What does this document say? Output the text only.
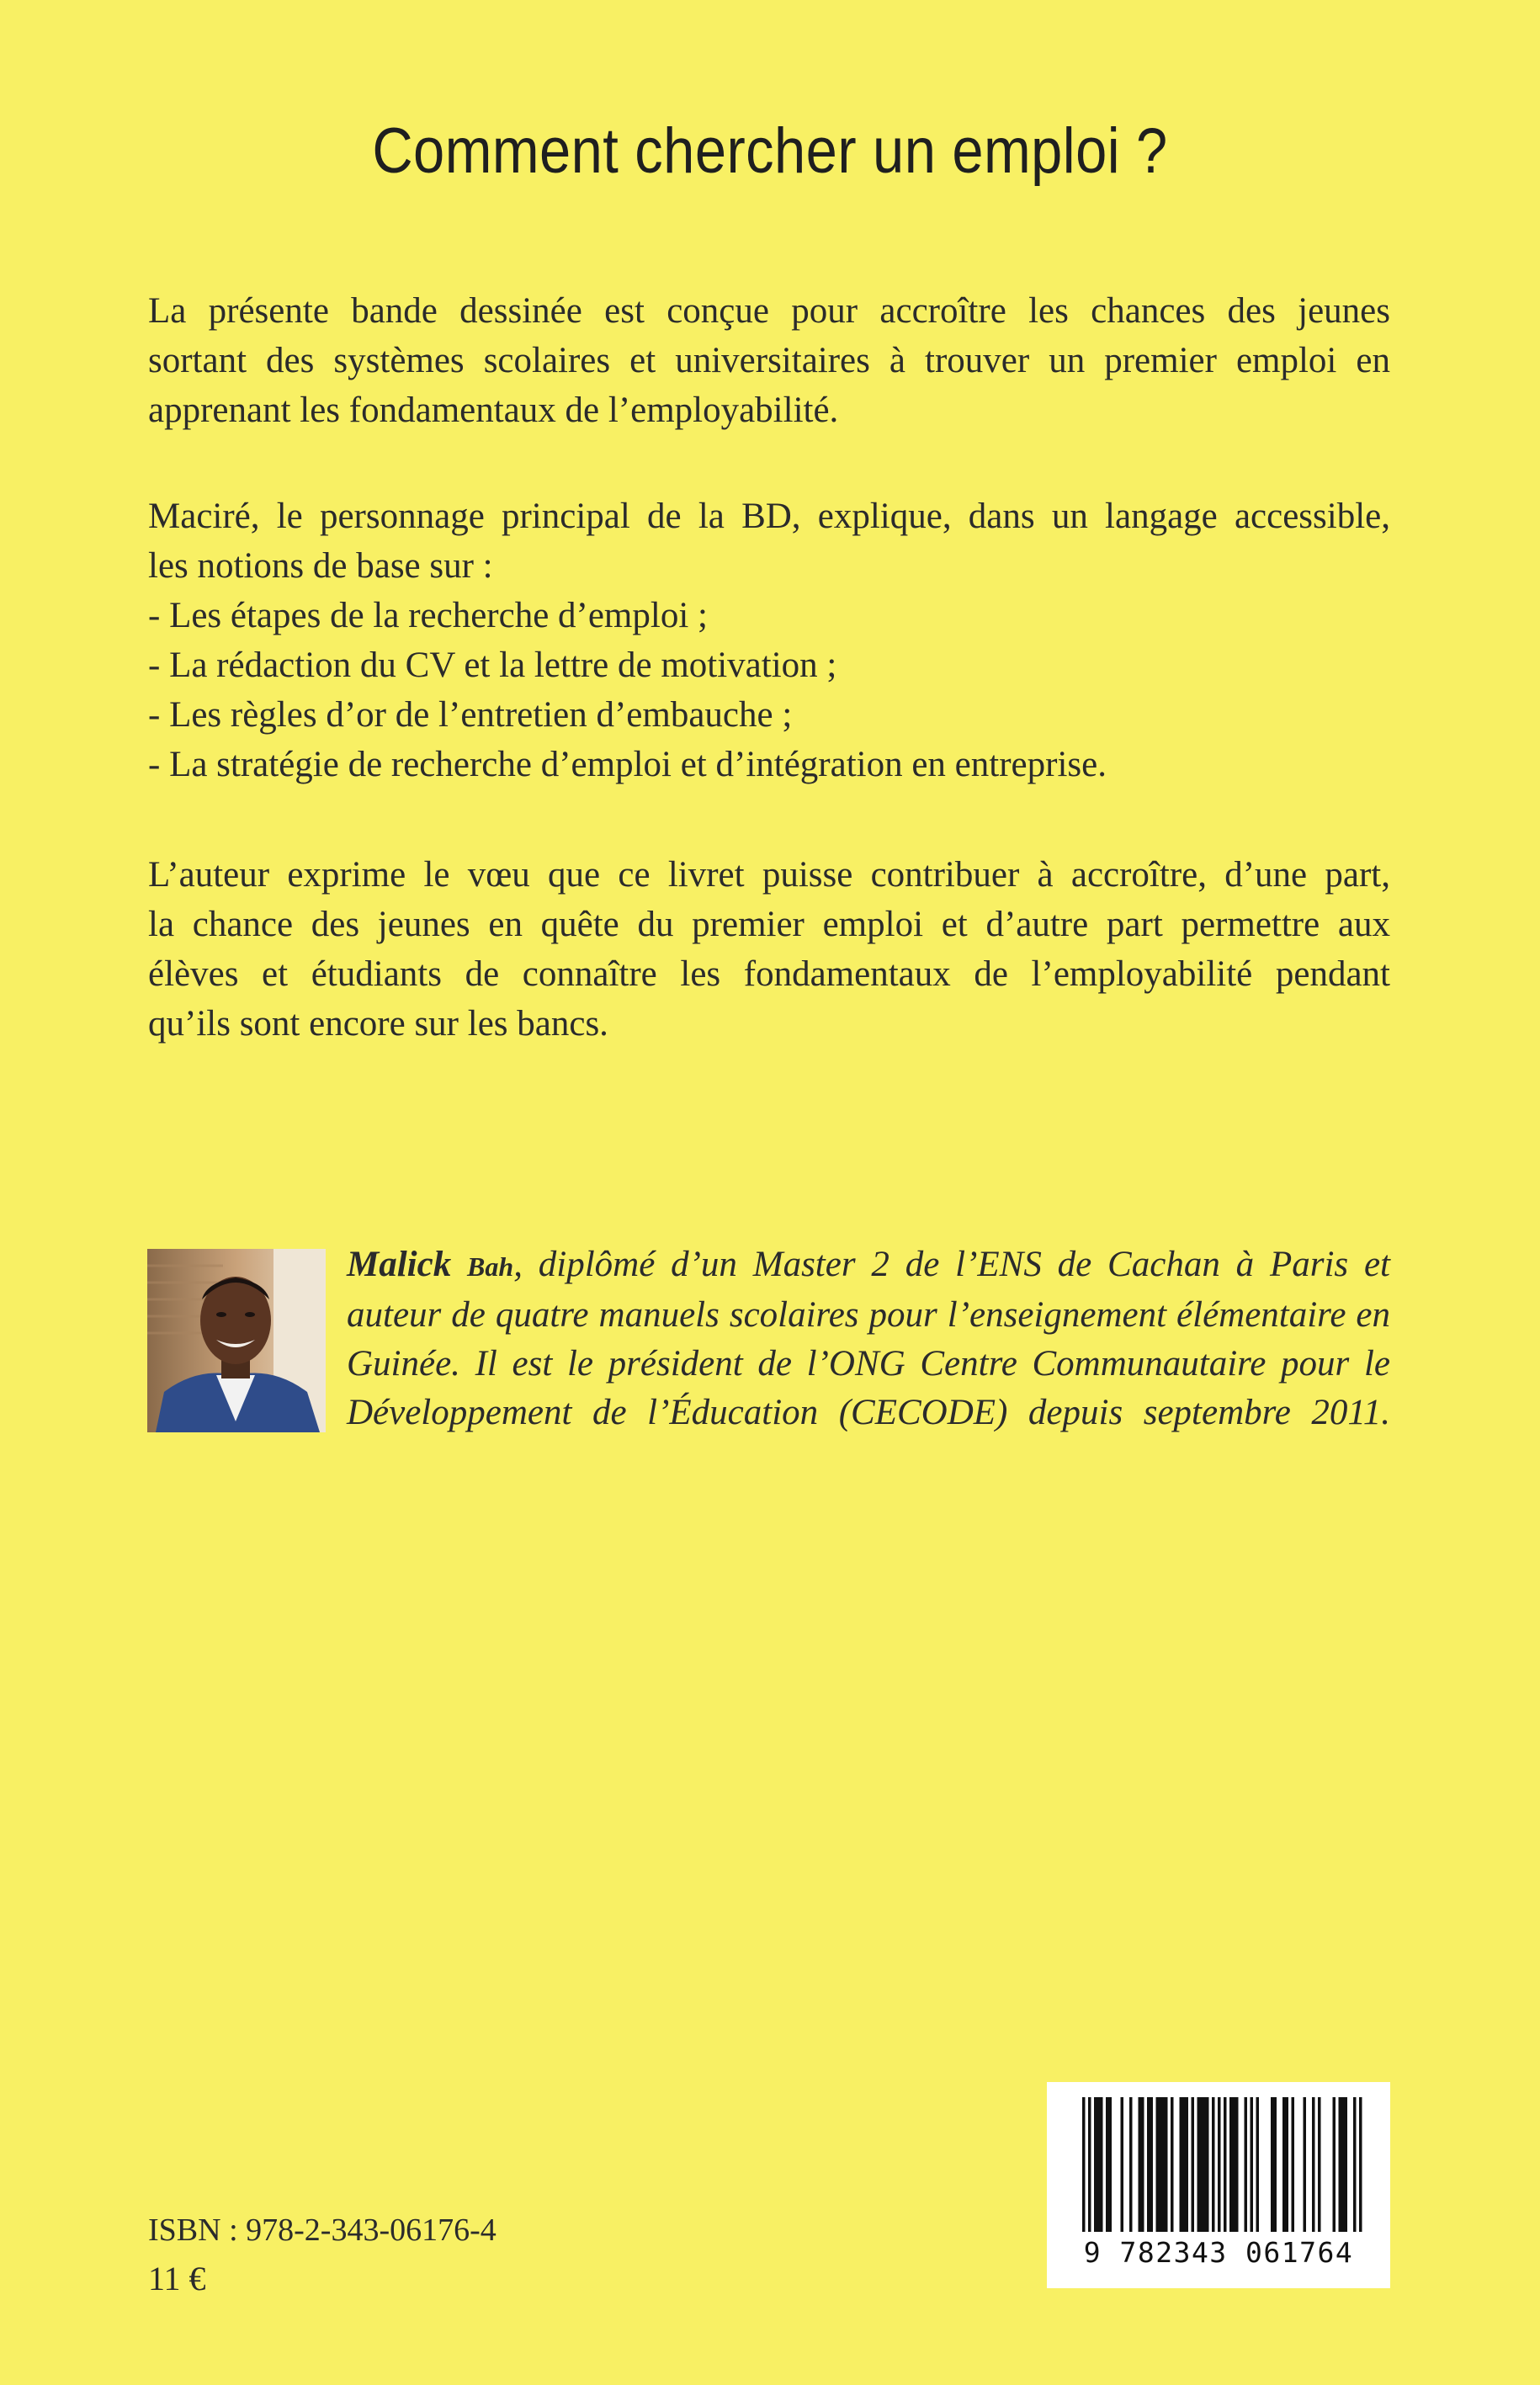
Comment chercher un emploi ?
La présente bande dessinée est conçue pour accroître les chances des jeunes
sortant des systèmes scolaires et universitaires à trouver un premier emploi en
apprenant les fondamentaux de l’employabilité.
Maciré, le personnage principal de la BD, explique, dans un langage accessible,
les notions de base sur :
- Les étapes de la recherche d’emploi ;
- La rédaction du CV et la lettre de motivation ;
- Les règles d’or de l’entretien d’embauche ;
- La stratégie de recherche d’emploi et d’intégration en entreprise.
L’auteur exprime le vœu que ce livret puisse contribuer à accroître, d’une part,
la chance des jeunes en quête du premier emploi et d’autre part permettre aux
élèves et étudiants de connaître les fondamentaux de l’employabilité pendant
qu’ils sont encore sur les bancs.
Malick Bah, diplômé d’un Master 2 de l’ENS de Cachan à Paris et
auteur de quatre manuels scolaires pour l’enseignement élémentaire en
Guinée. Il est le président de l’ONG Centre Communautaire pour le
Développement de l’Éducation (CECODE) depuis septembre 2011.
ISBN : 978-2-343-06176-4
11 €
9 782343 061764
